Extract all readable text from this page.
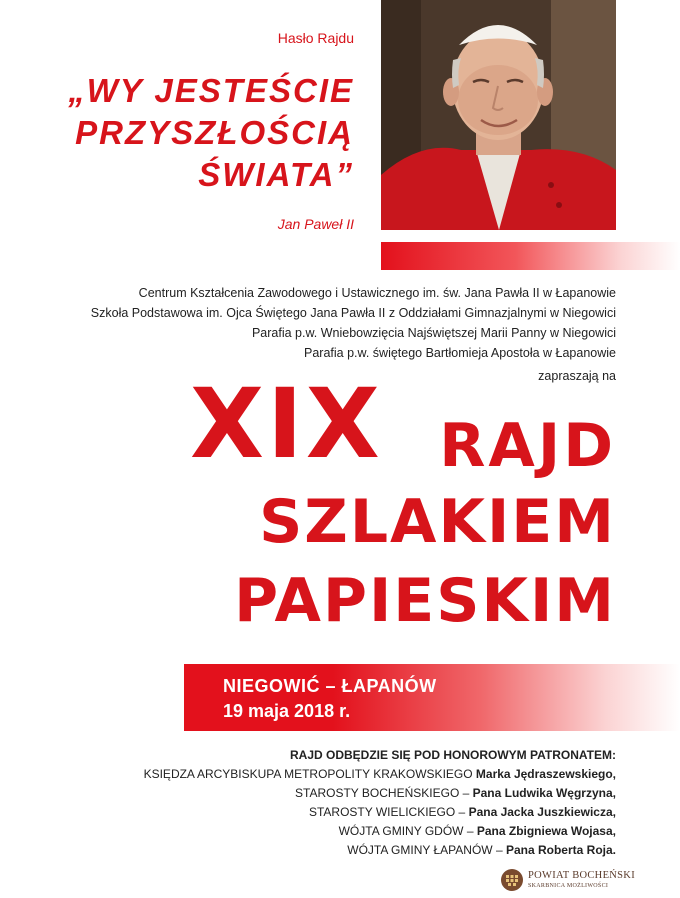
Hasło Rajdu
„WY JESTEŚCIE
PRZYSZŁOŚCIĄ
ŚWIATA”
Jan Paweł II
Centrum Kształcenia Zawodowego i Ustawicznego im. św. Jana Pawła II w Łapanowie
Szkoła Podstawowa im. Ojca Świętego Jana Pawła II z Oddziałami Gimnazjalnymi w Niegowici
Parafia p.w. Wniebowzięcia Najświętszej Marii Panny w Niegowici
Parafia p.w. świętego Bartłomieja Apostoła w Łapanowie
zapraszają na
XIX RAJD
SZLAKIEM
PAPIESKIM
NIEGOWIĆ – ŁAPANÓW
19 maja 2018 r.
RAJD ODBĘDZIE SIĘ POD HONOROWYM PATRONATEM:
KSIĘDZA ARCYBISKUPA METROPOLITY KRAKOWSKIEGO Marka Jędraszewskiego,
STAROSTY BOCHEŃSKIEGO – Pana Ludwika Węgrzyna,
STAROSTY WIELICKIEGO – Pana Jacka Juszkiewicza,
WÓJTA GMINY GDÓW – Pana Zbigniewa Wojasa,
WÓJTA GMINY ŁAPANÓW – Pana Roberta Roja.
POWIAT BOCHEŃSKI
SKARBNICA MOŻLIWOŚCI
